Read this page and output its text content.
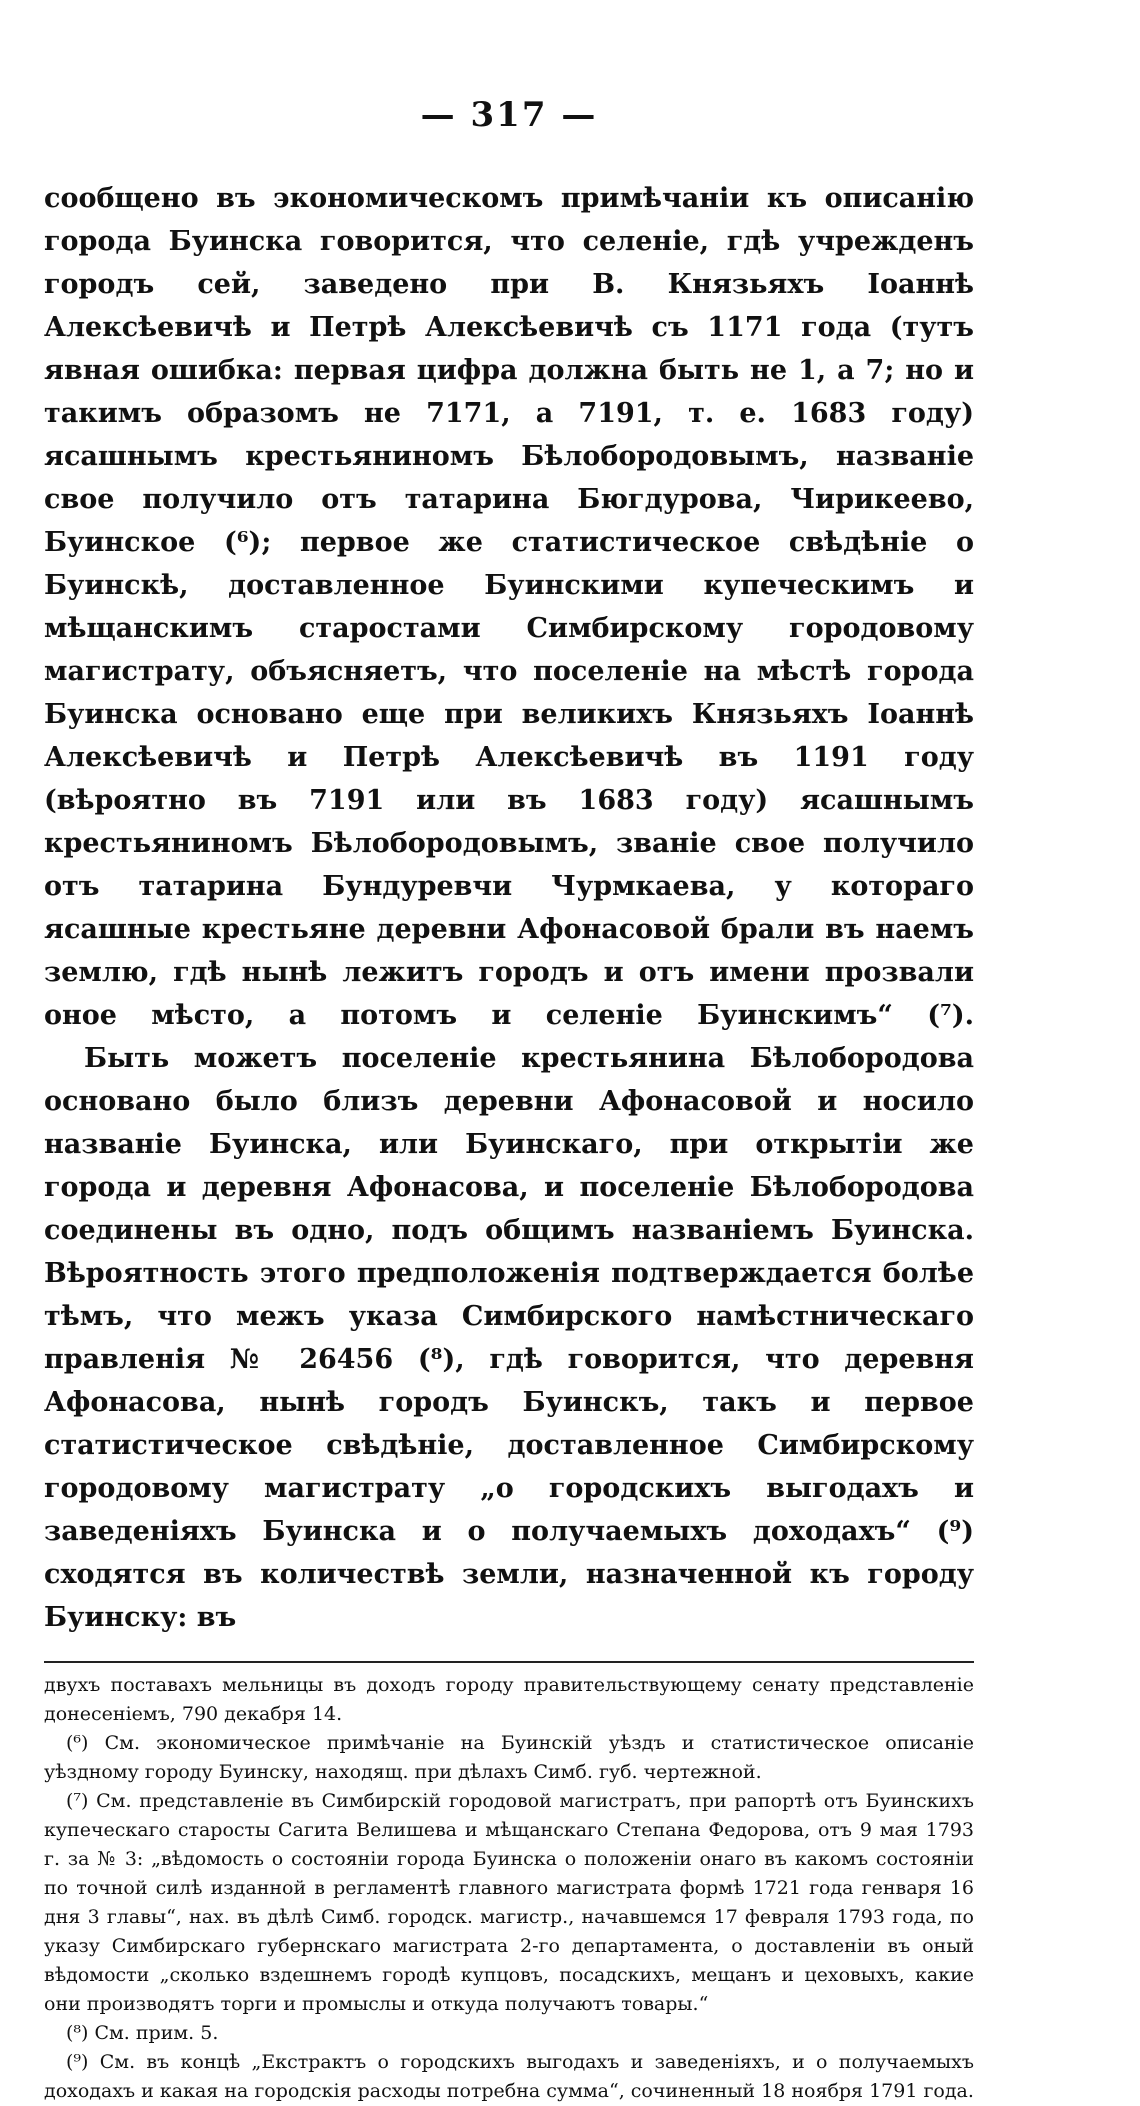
— 317 —

сообщено въ экономическомъ примѣчаніи къ описанію города Буинска говорится, что селеніе, гдѣ учрежденъ городъ сей, заведено при В. Князьяхъ Іоаннѣ Алексѣевичѣ и Петрѣ Алексѣевичѣ съ 1171 года (тутъ явная ошибка: первая цифра должна быть не 1, а 7; но и такимъ образомъ не 7171, а 7191, т. е. 1683 году) ясашнымъ крестьяниномъ Бѣлобородовымъ, названіе свое получило отъ татарина Бюгдурова, Чирикеево, Буинское (⁶); первое же статистическое свѣдѣніе о Буинскѣ, доставленное Буинскими купеческимъ и мѣщанскимъ старостами Симбирскому городовому магистрату, объясняетъ, что поселеніе на мѣстѣ города Буинска основано еще при великихъ Князьяхъ Іоаннѣ Алексѣевичѣ и Петрѣ Алексѣевичѣ въ 1191 году (вѣроятно въ 7191 или въ 1683 году) ясашнымъ крестьяниномъ Бѣлобородовымъ, званіе свое получило отъ татарина Бундуревчи Чурмкаева, у котораго ясашные крестьяне деревни Афонасовой брали въ наемъ землю, гдѣ нынѣ лежитъ городъ и отъ имени прозвали оное мѣсто, а потомъ и селеніе Буинскимъ“ (⁷).

Быть можетъ поселеніе крестьянина Бѣлобородова основано было близъ деревни Афонасовой и носило названіе Буинска, или Буинскаго, при открытіи же города и деревня Афонасова, и поселеніе Бѣлобородова соединены въ одно, подъ общимъ названіемъ Буинска. Вѣроятность этого предположенія подтверждается болѣе тѣмъ, что межъ указа Симбирского намѣстническаго правленія № 26456 (⁸), гдѣ говорится, что деревня Афонасова, нынѣ городъ Буинскъ, такъ и первое статистическое свѣдѣніе, доставленное Симбирскому городовому магистрату „о городскихъ выгодахъ и заведеніяхъ Буинска и о получаемыхъ доходахъ“ (⁹) сходятся въ количествѣ земли, назначенной къ городу Буинску: въ

двухъ поставахъ мельницы въ доходъ городу правительствующему сенату представленіе донесеніемъ, 790 декабря 14.

(⁶) См. экономическое примѣчаніе на Буинскій уѣздъ и статистическое описаніе уѣздному городу Буинску, находящ. при дѣлахъ Симб. губ. чертежной.

(⁷) См. представленіе въ Симбирскій городовой магистратъ, при рапортѣ отъ Буинскихъ купеческаго старосты Сагита Велишева и мѣщанскаго Степана Федорова, отъ 9 мая 1793 г. за № 3: „вѣдомость о состояніи города Буинска о положеніи онаго въ какомъ состояніи по точной силѣ изданной в регламентѣ главного магистрата формѣ 1721 года генваря 16 дня 3 главы“, нах. въ дѣлѣ Симб. городск. магистр., начавшемся 17 февраля 1793 года, по указу Симбирскаго губернскаго магистрата 2-го департамента, о доставленіи въ оный вѣдомости „сколько вздешнемъ городѣ купцовъ, посадскихъ, мещанъ и цеховыхъ, какие они производятъ торги и промыслы и откуда получаютъ товары.“

(⁸) См. прим. 5.

(⁹) См. въ концѣ „Екстрактъ о городскихъ выгодахъ и заведеніяхъ, и о получаемыхъ доходахъ и какая на городскія расходы потребна сумма“, сочиненный 18 ноября 1791 года.
